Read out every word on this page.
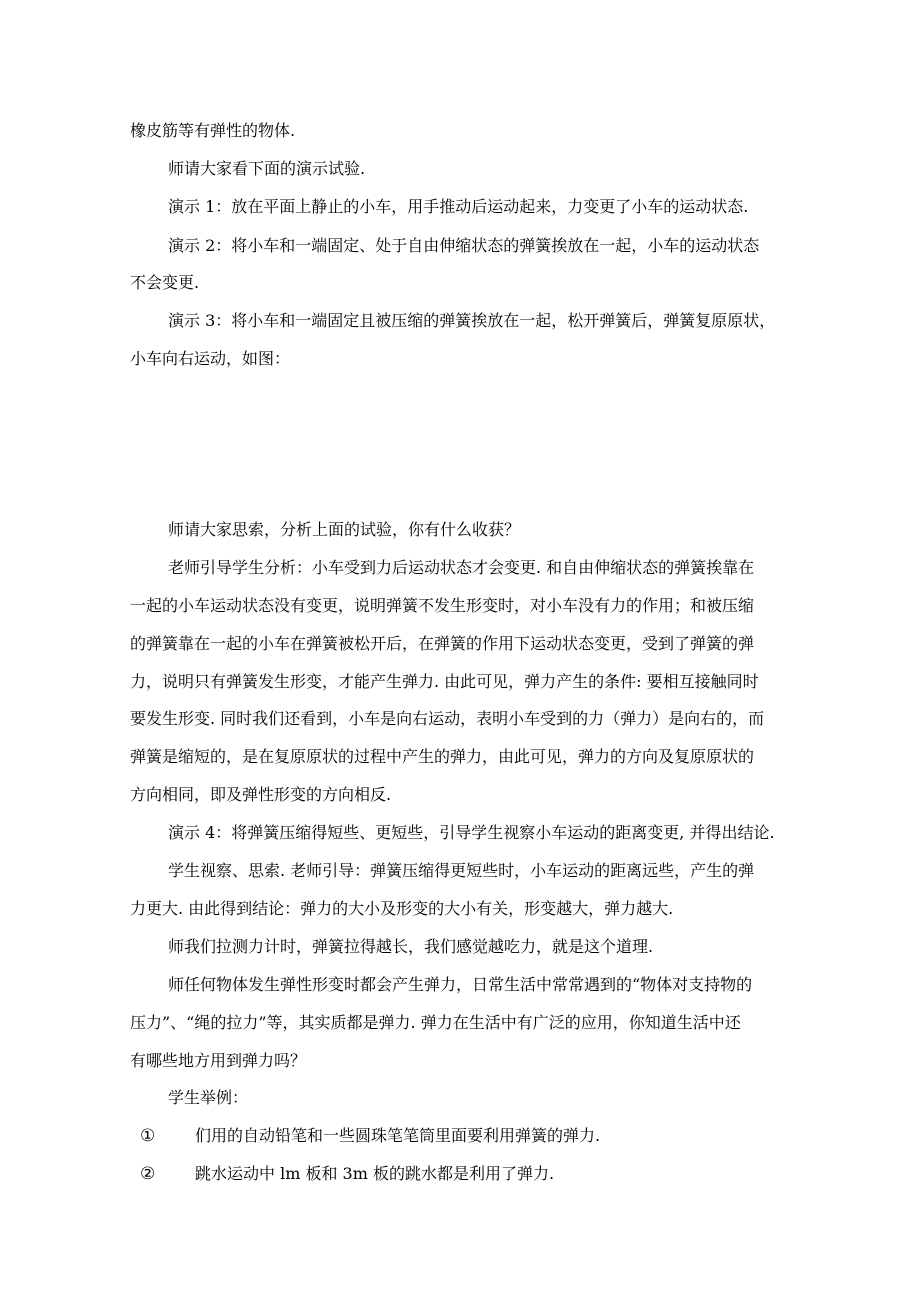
橡皮筋等有弹性的物体.
师请大家看下面的演示试验.
演示 1：放在平面上静止的小车，用手推动后运动起来，力变更了小车的运动状态.
演示 2：将小车和一端固定、处于自由伸缩状态的弹簧挨放在一起，小车的运动状态
不会变更.
演示 3：将小车和一端固定且被压缩的弹簧挨放在一起，松开弹簧后，弹簧复原原状，
小车向右运动，如图：
师请大家思索，分析上面的试验，你有什么收获？
老师引导学生分析：小车受到力后运动状态才会变更. 和自由伸缩状态的弹簧挨靠在
一起的小车运动状态没有变更，说明弹簧不发生形变时，对小车没有力的作用；和被压缩
的弹簧靠在一起的小车在弹簧被松开后，在弹簧的作用下运动状态变更，受到了弹簧的弹
力，说明只有弹簧发生形变，才能产生弹力. 由此可见，弹力产生的条件: 要相互接触同时
要发生形变. 同时我们还看到，小车是向右运动，表明小车受到的力（弹力）是向右的，而
弹簧是缩短的，是在复原原状的过程中产生的弹力，由此可见，弹力的方向及复原原状的
方向相同，即及弹性形变的方向相反.
演示 4：将弹簧压缩得短些、更短些，引导学生视察小车运动的距离变更, 并得出结论.
学生视察、思索. 老师引导：弹簧压缩得更短些时，小车运动的距离远些，产生的弹
力更大. 由此得到结论：弹力的大小及形变的大小有关，形变越大，弹力越大.
师我们拉测力计时，弹簧拉得越长，我们感觉越吃力，就是这个道理.
师任何物体发生弹性形变时都会产生弹力，日常生活中常常遇到的“物体对支持物的
压力”、“绳的拉力”等，其实质都是弹力. 弹力在生活中有广泛的应用，你知道生活中还
有哪些地方用到弹力吗？
学生举例：
① 们用的自动铅笔和一些圆珠笔笔筒里面要利用弹簧的弹力.
② 跳水运动中 lm 板和 3m 板的跳水都是利用了弹力.
